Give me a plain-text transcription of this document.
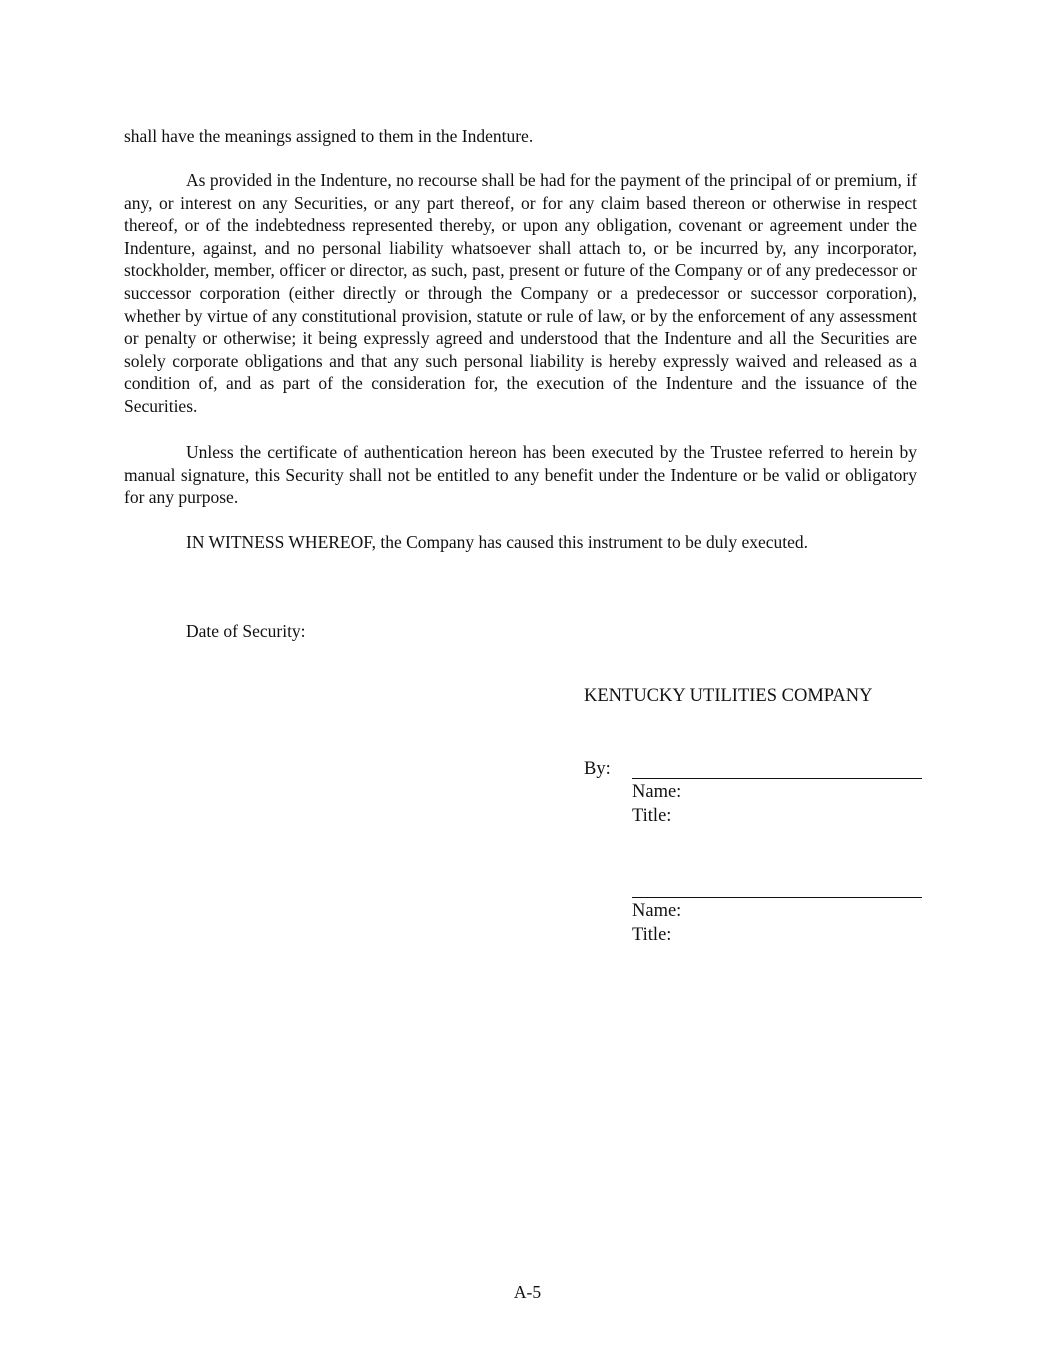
shall have the meanings assigned to them in the Indenture.

As provided in the Indenture, no recourse shall be had for the payment of the principal of or premium, if any, or interest on any Securities, or any part thereof, or for any claim based thereon or otherwise in respect thereof, or of the indebtedness represented thereby, or upon any obligation, covenant or agreement under the Indenture, against, and no personal liability whatsoever shall attach to, or be incurred by, any incorporator, stockholder, member, officer or director, as such, past, present or future of the Company or of any predecessor or successor corporation (either directly or through the Company or a predecessor or successor corporation), whether by virtue of any constitutional provision, statute or rule of law, or by the enforcement of any assessment or penalty or otherwise; it being expressly agreed and understood that the Indenture and all the Securities are solely corporate obligations and that any such personal liability is hereby expressly waived and released as a condition of, and as part of the consideration for, the execution of the Indenture and the issuance of the Securities.

Unless the certificate of authentication hereon has been executed by the Trustee referred to herein by manual signature, this Security shall not be entitled to any benefit under the Indenture or be valid or obligatory for any purpose.

IN WITNESS WHEREOF, the Company has caused this instrument to be duly executed.

Date of Security:

KENTUCKY UTILITIES COMPANY

By:

Name:

Title:

Name:

Title:

A-5
